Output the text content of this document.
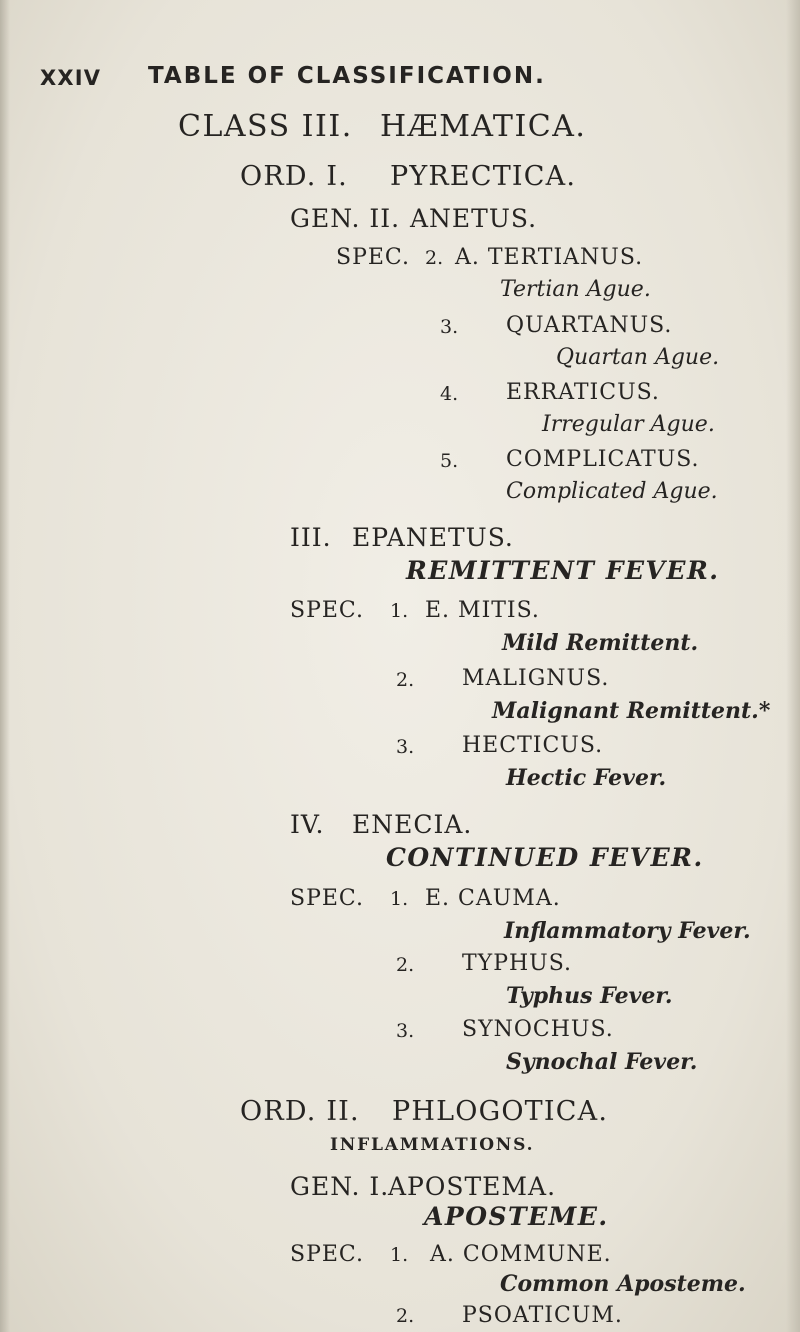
XXIV TABLE OF CLASSIFICATION.
CLASS III. HÆMATICA.
ORD. I. PYRECTICA.
GEN. II. ANETUS.
SPEC. 2. A. TERTIANUS.
Tertian Ague.
3. QUARTANUS.
Quartan Ague.
4. ERRATICUS.
Irregular Ague.
5. COMPLICATUS.
Complicated Ague.
III. EPANETUS.
REMITTENT FEVER.
SPEC. 1. E. MITIS.
Mild Remittent.
2. MALIGNUS.
Malignant Remittent.*
3. HECTICUS.
Hectic Fever.
IV. ENECIA.
CONTINUED FEVER.
SPEC. 1. E. CAUMA.
Inflammatory Fever.
2. TYPHUS.
Typhus Fever.
3. SYNOCHUS.
Synochal Fever.
ORD. II. PHLOGOTICA.
INFLAMMATIONS.
GEN. I.
APOSTEMA.
APOSTEME.
SPEC. 1. A. COMMUNE.
Common Aposteme.
2. PSOATICUM.
